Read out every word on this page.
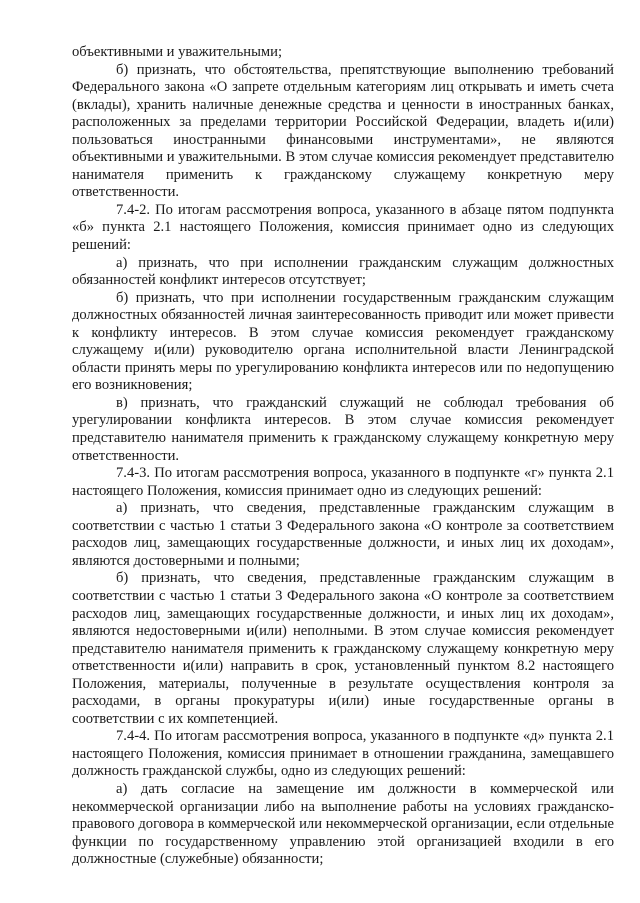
объективными и уважительными;

б) признать, что обстоятельства, препятствующие выполнению требований Федерального закона «О запрете отдельным категориям лиц открывать и иметь счета (вклады), хранить наличные денежные средства и ценности в иностранных банках, расположенных за пределами территории Российской Федерации, владеть и(или) пользоваться иностранными финансовыми инструментами», не являются объективными и уважительными. В этом случае комиссия рекомендует представителю нанимателя применить к гражданскому служащему конкретную меру ответственности.

7.4-2. По итогам рассмотрения вопроса, указанного в абзаце пятом подпункта «б» пункта 2.1 настоящего Положения, комиссия принимает одно из следующих решений:

а) признать, что при исполнении гражданским служащим должностных обязанностей конфликт интересов отсутствует;

б) признать, что при исполнении государственным гражданским служащим должностных обязанностей личная заинтересованность приводит или может привести к конфликту интересов. В этом случае комиссия рекомендует гражданскому служащему и(или) руководителю органа исполнительной власти Ленинградской области принять меры по урегулированию конфликта интересов или по недопущению его возникновения;

в) признать, что гражданский служащий не соблюдал требования об урегулировании конфликта интересов. В этом случае комиссия рекомендует представителю нанимателя применить к гражданскому служащему конкретную меру ответственности.

7.4-3. По итогам рассмотрения вопроса, указанного в подпункте «г» пункта 2.1 настоящего Положения, комиссия принимает одно из следующих решений:

а) признать, что сведения, представленные гражданским служащим в соответствии с частью 1 статьи 3 Федерального закона «О контроле за соответствием расходов лиц, замещающих государственные должности, и иных лиц их доходам», являются достоверными и полными;

б) признать, что сведения, представленные гражданским служащим в соответствии с частью 1 статьи 3 Федерального закона «О контроле за соответствием расходов лиц, замещающих государственные должности, и иных лиц их доходам», являются недостоверными и(или) неполными. В этом случае комиссия рекомендует представителю нанимателя применить к гражданскому служащему конкретную меру ответственности и(или) направить в срок, установленный пунктом 8.2 настоящего Положения, материалы, полученные в результате осуществления контроля за расходами, в органы прокуратуры и(или) иные государственные органы в соответствии с их компетенцией.

7.4-4. По итогам рассмотрения вопроса, указанного в подпункте «д» пункта 2.1 настоящего Положения, комиссия принимает в отношении гражданина, замещавшего должность гражданской службы, одно из следующих решений:

а) дать согласие на замещение им должности в коммерческой или некоммерческой организации либо на выполнение работы на условиях гражданско-правового договора в коммерческой или некоммерческой организации, если отдельные функции по государственному управлению этой организацией входили в его должностные (служебные) обязанности;
